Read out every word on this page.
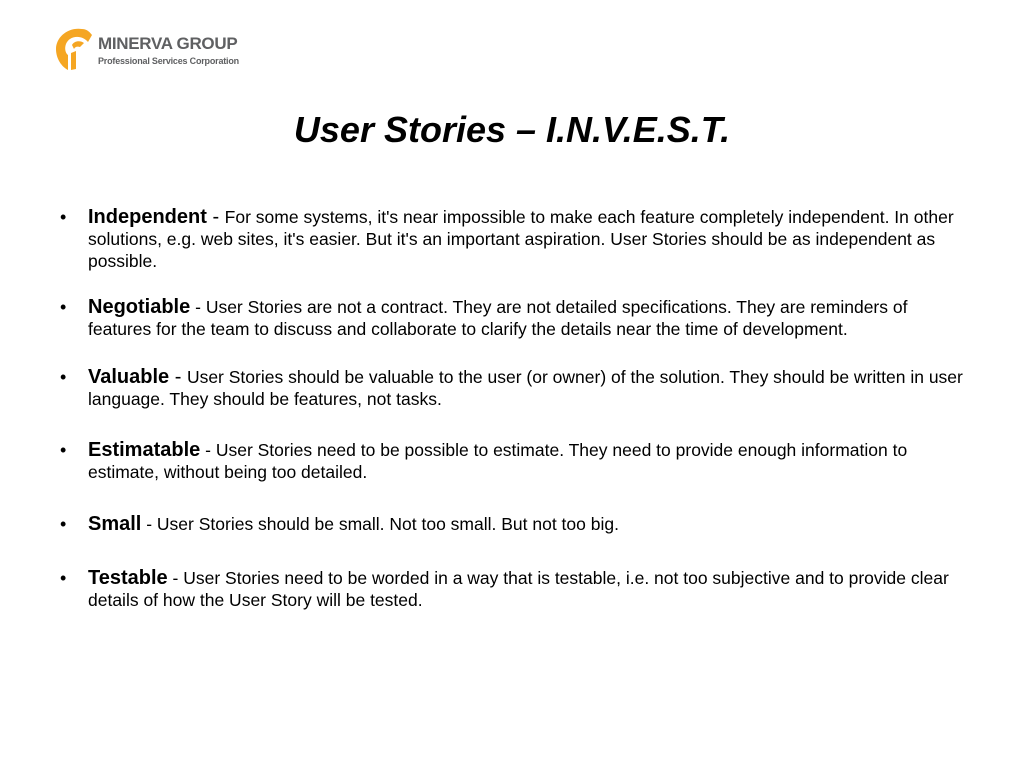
MINERVA GROUP
Professional Services Corporation
User Stories – I.N.V.E.S.T.
• Independent - For some systems, it's near impossible to make each feature completely independent. In other solutions, e.g. web sites, it's easier. But it's an important aspiration. User Stories should be as independent as possible.
• Negotiable - User Stories are not a contract. They are not detailed specifications. They are reminders of features for the team to discuss and collaborate to clarify the details near the time of development.
• Valuable - User Stories should be valuable to the user (or owner) of the solution. They should be written in user language. They should be features, not tasks.
• Estimatable - User Stories need to be possible to estimate. They need to provide enough information to estimate, without being too detailed.
• Small - User Stories should be small. Not too small. But not too big.
• Testable - User Stories need to be worded in a way that is testable, i.e. not too subjective and to provide clear details of how the User Story will be tested.
